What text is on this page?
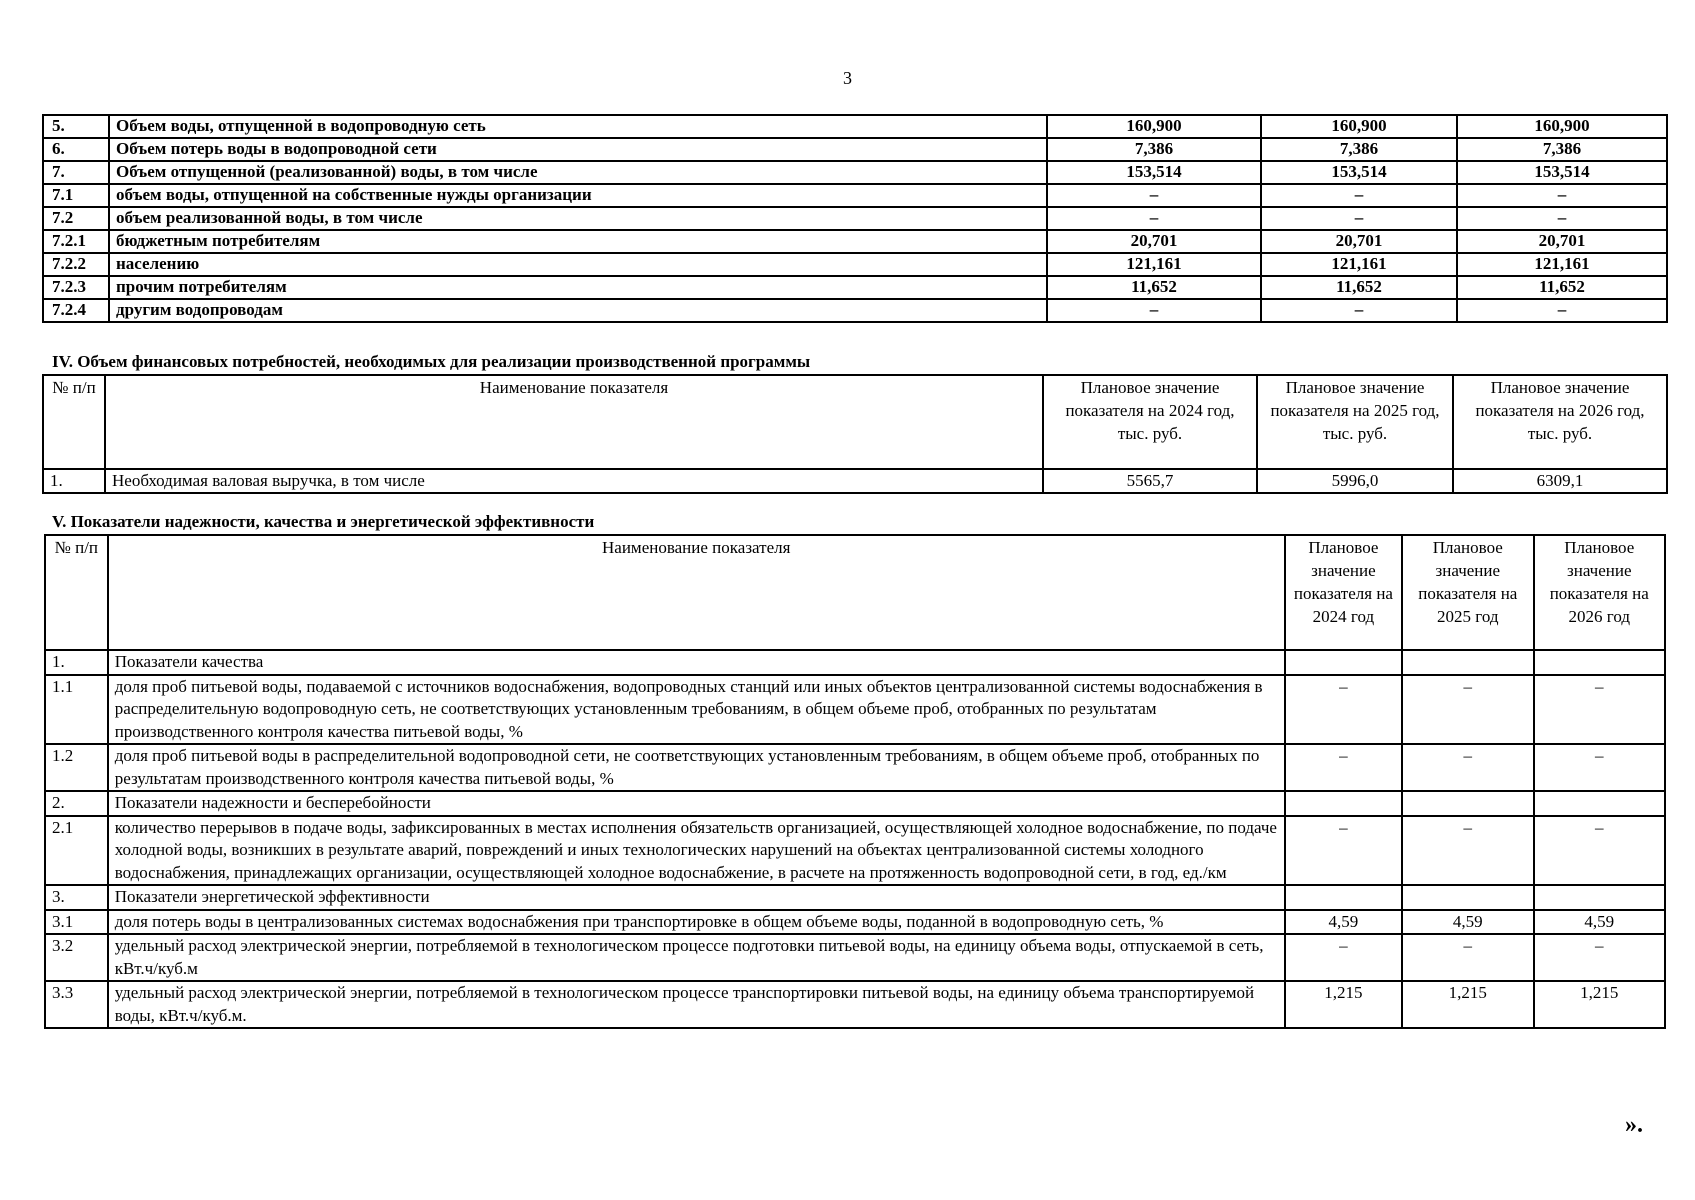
3
5.	Объем воды, отпущенной в водопроводную сеть	160,900	160,900	160,900
6.	Объем потерь воды в водопроводной сети	7,386	7,386	7,386
7.	Объем отпущенной (реализованной) воды, в том числе	153,514	153,514	153,514
7.1	объем воды, отпущенной на собственные нужды организации	–	–	–
7.2	объем реализованной воды, в том числе	–	–	–
7.2.1	бюджетным потребителям	20,701	20,701	20,701
7.2.2	населению	121,161	121,161	121,161
7.2.3	прочим потребителям	11,652	11,652	11,652
7.2.4	другим водопроводам	–	–	–
IV. Объем финансовых потребностей, необходимых для реализации производственной программы
№ п/п	Наименование показателя	Плановое значение показателя на 2024 год, тыс. руб.	Плановое значение показателя на 2025 год, тыс. руб.	Плановое значение показателя на 2026 год, тыс. руб.
1.	Необходимая валовая выручка, в том числе	5565,7	5996,0	6309,1
V. Показатели надежности, качества и энергетической эффективности
№ п/п	Наименование показателя	Плановое значение показателя на 2024 год	Плановое значение показателя на 2025 год	Плановое значение показателя на 2026 год
1.	Показатели качества			
1.1	доля проб питьевой воды, подаваемой с источников водоснабжения, водопроводных станций или иных объектов централизованной системы водоснабжения в распределительную водопроводную сеть, не соответствующих установленным требованиям, в общем объеме проб, отобранных по результатам производственного контроля качества питьевой воды, %	–	–	–
1.2	доля проб питьевой воды в распределительной водопроводной сети, не соответствующих установленным требованиям, в общем объеме проб, отобранных по результатам производственного контроля качества питьевой воды, %	–	–	–
2.	Показатели надежности и бесперебойности			
2.1	количество перерывов в подаче воды, зафиксированных в местах исполнения обязательств организацией, осуществляющей холодное водоснабжение, по подаче холодной воды, возникших в результате аварий, повреждений и иных технологических нарушений на объектах централизованной системы холодного водоснабжения, принадлежащих организации, осуществляющей холодное водоснабжение, в расчете на протяженность водопроводной сети, в год, ед./км	–	–	–
3.	Показатели энергетической эффективности			
3.1	доля потерь воды в централизованных системах водоснабжения при транспортировке в общем объеме воды, поданной в водопроводную сеть, %	4,59	4,59	4,59
3.2	удельный расход электрической энергии, потребляемой в технологическом процессе подготовки питьевой воды, на единицу объема воды, отпускаемой в сеть, кВт.ч/куб.м	–	–	–
3.3	удельный расход электрической энергии, потребляемой в технологическом процессе транспортировки питьевой воды, на единицу объема транспортируемой воды, кВт.ч/куб.м.	1,215	1,215	1,215
».
